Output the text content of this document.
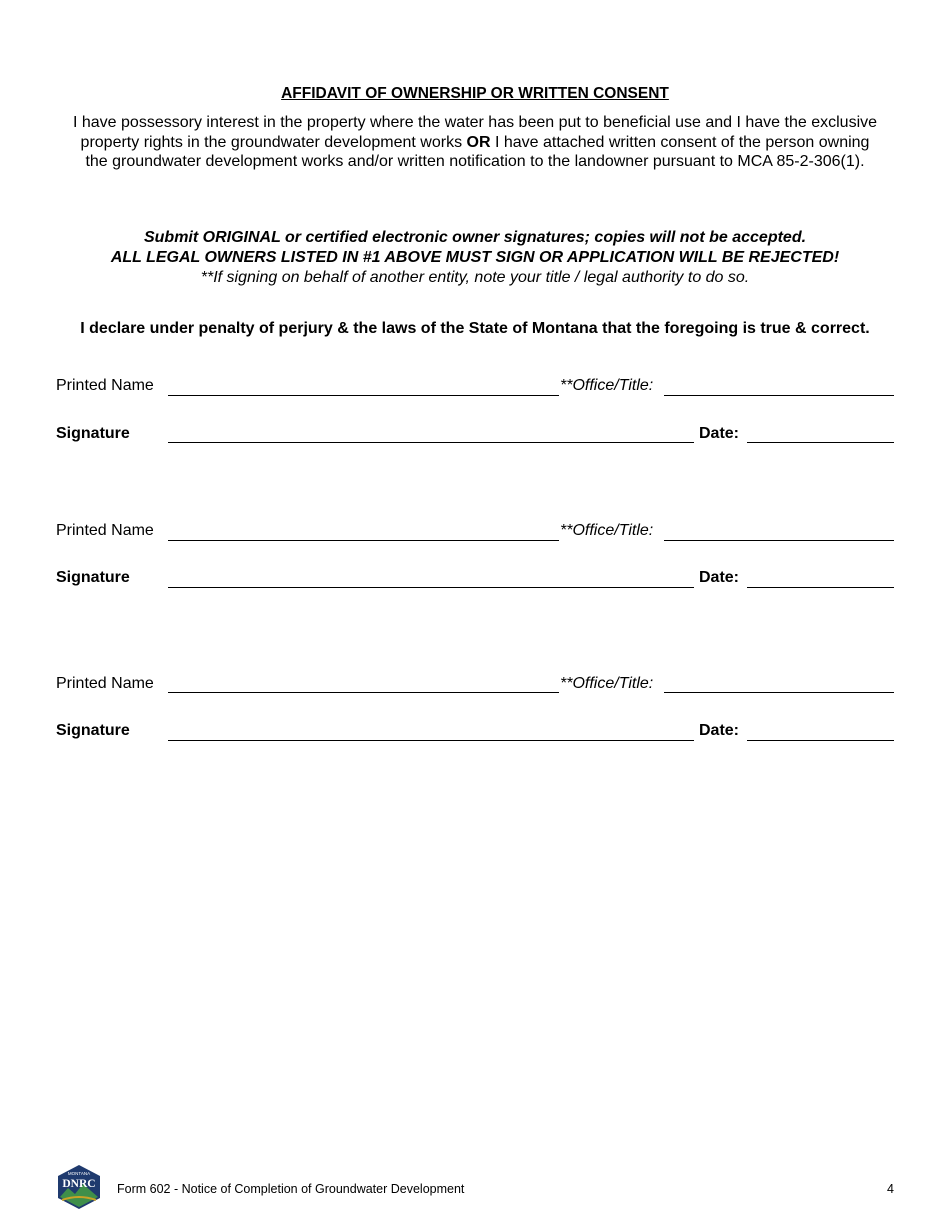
AFFIDAVIT OF OWNERSHIP OR WRITTEN CONSENT
I have possessory interest in the property where the water has been put to beneficial use and I have the exclusive property rights in the groundwater development works OR I have attached written consent of the person owning the groundwater development works and/or written notification to the landowner pursuant to MCA 85-2-306(1).
Submit ORIGINAL or certified electronic owner signatures; copies will not be accepted.
ALL LEGAL OWNERS LISTED IN #1 ABOVE MUST SIGN OR APPLICATION WILL BE REJECTED!
**If signing on behalf of another entity, note your title / legal authority to do so.
I declare under penalty of perjury & the laws of the State of Montana that the foregoing is true & correct.
Printed Name	**Office/Title:
Signature	Date:
Printed Name	**Office/Title:
Signature	Date:
Printed Name	**Office/Title:
Signature	Date:
MONTANA
DNRC Form 602 - Notice of Completion of Groundwater Development	4
